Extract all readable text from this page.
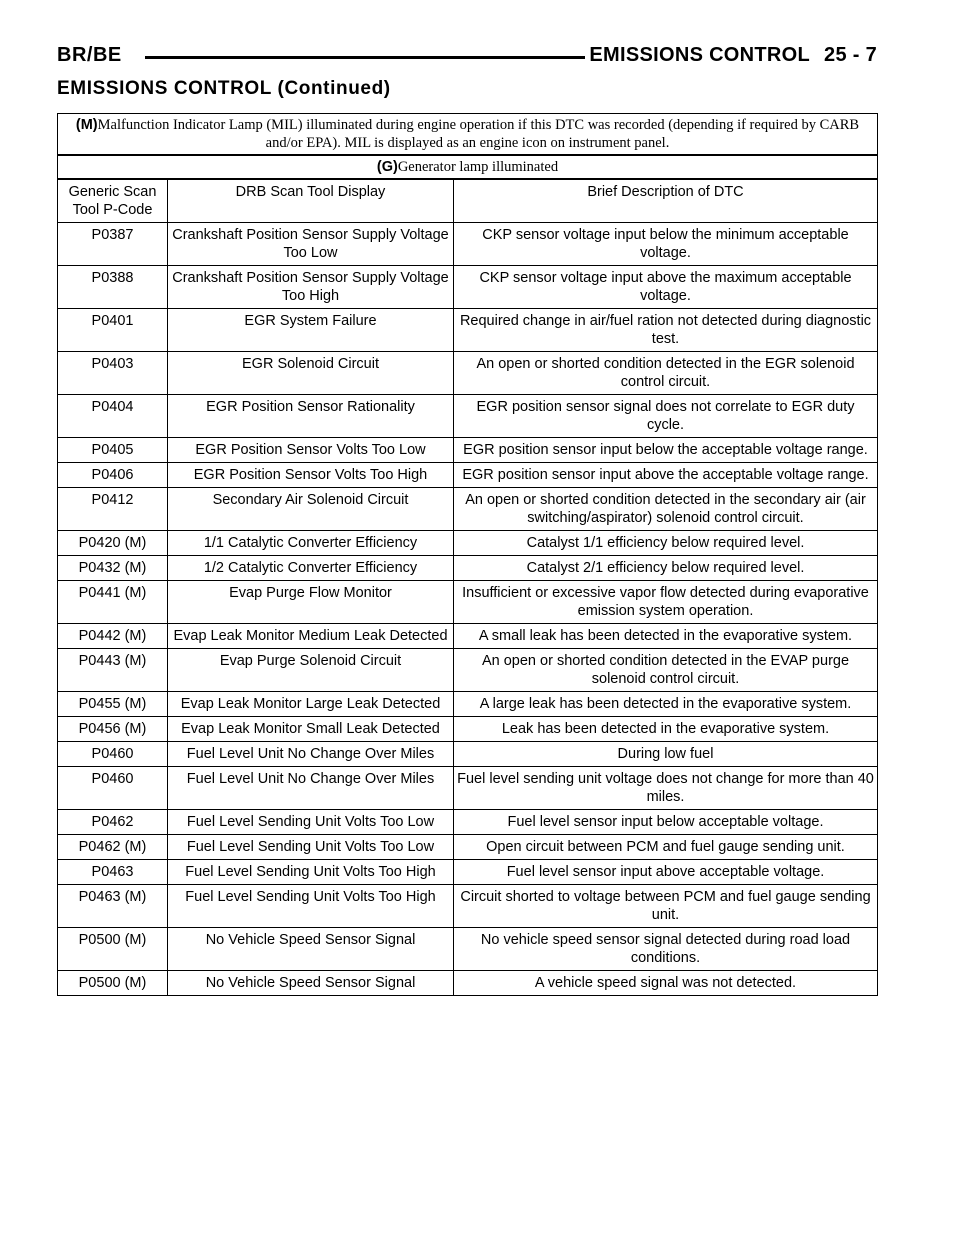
BR/BE	EMISSIONS CONTROL 25 - 7
EMISSIONS CONTROL (Continued)
(M)Malfunction Indicator Lamp (MIL) illuminated during engine operation if this DTC was recorded (depending if required by CARB and/or EPA). MIL is displayed as an engine icon on instrument panel.		
(G)Generator lamp illuminated		
Generic Scan Tool P-Code	DRB Scan Tool Display	Brief Description of DTC
P0387	Crankshaft Position Sensor Supply Voltage Too Low	CKP sensor voltage input below the minimum acceptable voltage.
P0388	Crankshaft Position Sensor Supply Voltage Too High	CKP sensor voltage input above the maximum acceptable voltage.
P0401	EGR System Failure	Required change in air/fuel ration not detected during diagnostic test.
P0403	EGR Solenoid Circuit	An open or shorted condition detected in the EGR solenoid control circuit.
P0404	EGR Position Sensor Rationality	EGR position sensor signal does not correlate to EGR duty cycle.
P0405	EGR Position Sensor Volts Too Low	EGR position sensor input below the acceptable voltage range.
P0406	EGR Position Sensor Volts Too High	EGR position sensor input above the acceptable voltage range.
P0412	Secondary Air Solenoid Circuit	An open or shorted condition detected in the secondary air (air switching/aspirator) solenoid control circuit.
P0420 (M)	1/1 Catalytic Converter Efficiency	Catalyst 1/1 efficiency below required level.
P0432 (M)	1/2 Catalytic Converter Efficiency	Catalyst 2/1 efficiency below required level.
P0441 (M)	Evap Purge Flow Monitor	Insufficient or excessive vapor flow detected during evaporative emission system operation.
P0442 (M)	Evap Leak Monitor Medium Leak Detected	A small leak has been detected in the evaporative system.
P0443 (M)	Evap Purge Solenoid Circuit	An open or shorted condition detected in the EVAP purge solenoid control circuit.
P0455 (M)	Evap Leak Monitor Large Leak Detected	A large leak has been detected in the evaporative system.
P0456 (M)	Evap Leak Monitor Small Leak Detected	Leak has been detected in the evaporative system.
P0460	Fuel Level Unit No Change Over Miles	During low fuel
P0460	Fuel Level Unit No Change Over Miles	Fuel level sending unit voltage does not change for more than 40 miles.
P0462	Fuel Level Sending Unit Volts Too Low	Fuel level sensor input below acceptable voltage.
P0462 (M)	Fuel Level Sending Unit Volts Too Low	Open circuit between PCM and fuel gauge sending unit.
P0463	Fuel Level Sending Unit Volts Too High	Fuel level sensor input above acceptable voltage.
P0463 (M)	Fuel Level Sending Unit Volts Too High	Circuit shorted to voltage between PCM and fuel gauge sending unit.
P0500 (M)	No Vehicle Speed Sensor Signal	No vehicle speed sensor signal detected during road load conditions.
P0500 (M)	No Vehicle Speed Sensor Signal	A vehicle speed signal was not detected.
